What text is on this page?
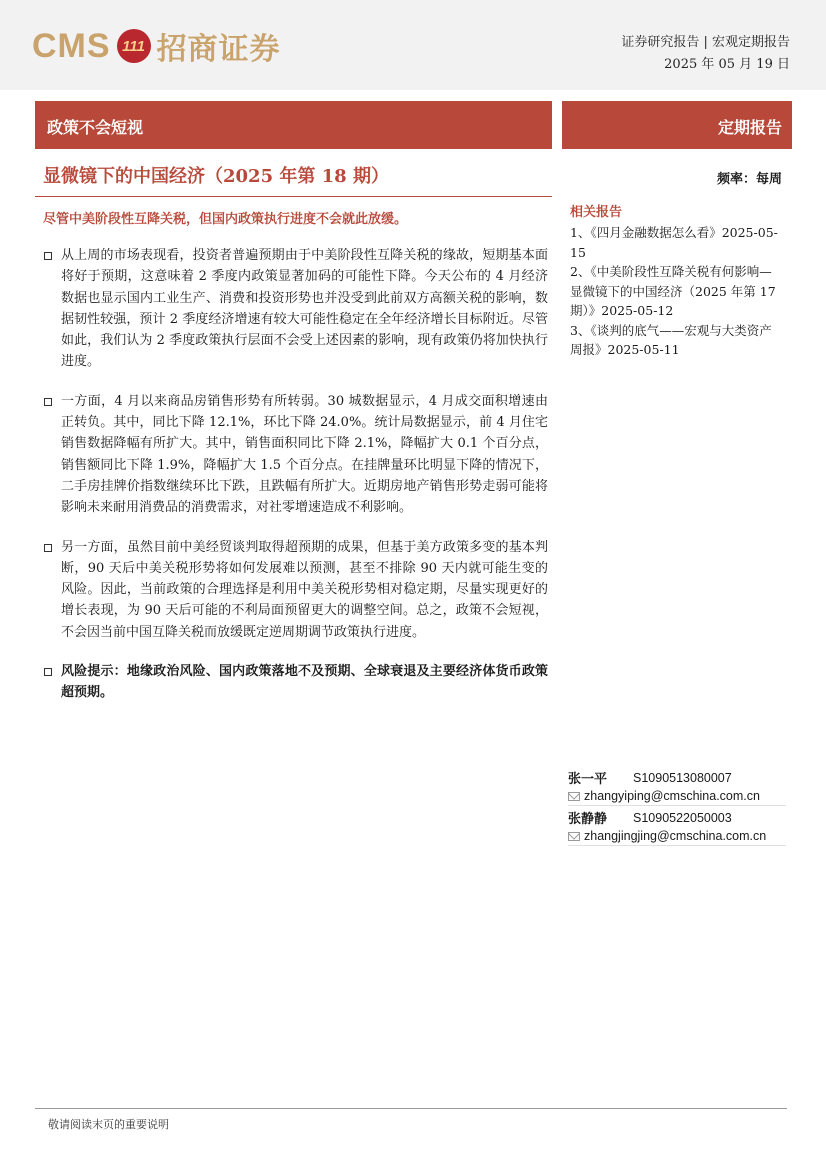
CMS 111 招商证券	证券研究报告 | 宏观定期报告
2025 年 05 月 19 日
政策不会短视	定期报告
显微镜下的中国经济（2025 年第 18 期）	频率：每周
尽管中美阶段性互降关税，但国内政策执行进度不会就此放缓。
从上周的市场表现看，投资者普遍预期由于中美阶段性互降关税的缘故，短期基本面将好于预期，这意味着 2 季度内政策显著加码的可能性下降。今天公布的 4 月经济数据也显示国内工业生产、消费和投资形势也并没受到此前双方高额关税的影响，数据韧性较强，预计 2 季度经济增速有较大可能性稳定在全年经济增长目标附近。尽管如此，我们认为 2 季度政策执行层面不会受上述因素的影响，现有政策仍将加快执行进度。
一方面，4 月以来商品房销售形势有所转弱。30 城数据显示，4 月成交面积增速由正转负。其中，同比下降 12.1%，环比下降 24.0%。统计局数据显示，前 4 月住宅销售数据降幅有所扩大。其中，销售面积同比下降 2.1%，降幅扩大 0.1 个百分点，销售额同比下降 1.9%，降幅扩大 1.5 个百分点。在挂牌量环比明显下降的情况下，二手房挂牌价指数继续环比下跌，且跌幅有所扩大。近期房地产销售形势走弱可能将影响未来耐用消费品的消费需求，对社零增速造成不利影响。
另一方面，虽然目前中美经贸谈判取得超预期的成果，但基于美方政策多变的基本判断，90 天后中美关税形势将如何发展难以预测，甚至不排除 90 天内就可能生变的风险。因此，当前政策的合理选择是利用中美关税形势相对稳定期，尽量实现更好的增长表现，为 90 天后可能的不利局面预留更大的调整空间。总之，政策不会短视，不会因当前中国互降关税而放缓既定逆周期调节政策执行进度。
风险提示：地缘政治风险、国内政策落地不及预期、全球衰退及主要经济体货币政策超预期。
相关报告
1、《四月金融数据怎么看》2025-05-15
2、《中美阶段性互降关税有何影响—显微镜下的中国经济（2025 年第 17 期）》2025-05-12
3、《谈判的底气——宏观与大类资产周报》2025-05-11
张一平	S1090513080007
zhangyiping@cmschina.com.cn
张静静	S1090522050003
zhangjingjing@cmschina.com.cn
敬请阅读末页的重要说明
